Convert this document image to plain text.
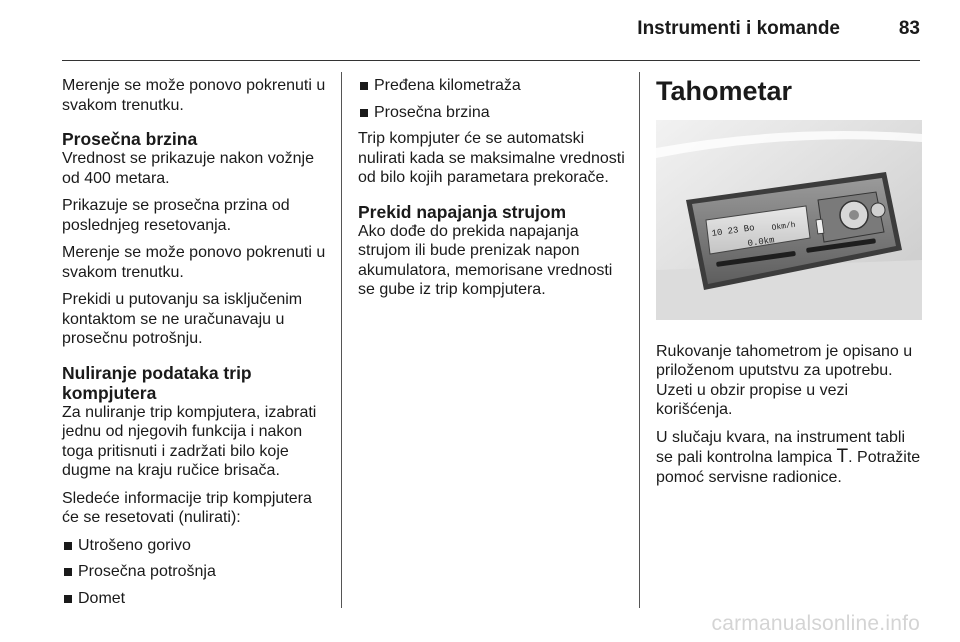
Instrumenti i komande	83

Merenje se može ponovo pokrenuti u svakom trenutku.

Prosečna brzina

Vrednost se prikazuje nakon vožnje od 400 metara.

Prikazuje se prosečna przina od poslednjeg resetovanja.

Merenje se može ponovo pokrenuti u svakom trenutku.

Prekidi u putovanju sa isključenim kontaktom se ne uračunavaju u prosečnu potrošnju.

Nuliranje podataka trip kompjutera

Za nuliranje trip kompjutera, izabrati jednu od njegovih funkcija i nakon toga pritisnuti i zadržati bilo koje dugme na kraju ručice brisača.

Sledeće informacije trip kompjutera će se resetovati (nulirati):

Utrošeno gorivo
Prosečna potrošnja
Domet
Pređena kilometraža
Prosečna brzina

Trip kompjuter će se automatski nulirati kada se maksimalne vrednosti od bilo kojih parametara prekorače.

Prekid napajanja strujom

Ako dođe do prekida napajanja strujom ili bude prenizak napon akumulatora, memorisane vrednosti se gube iz trip kompjutera.

Tahometar
10 23 Bo Okm/h
0.0km

Rukovanje tahometrom je opisano u priloženom uputstvu za upotrebu. Uzeti u obzir propise u vezi korišćenja.

U slučaju kvara, na instrument tabli se pali kontrolna lampica T. Potražite pomoć servisne radionice.

carmanualsonline.info
